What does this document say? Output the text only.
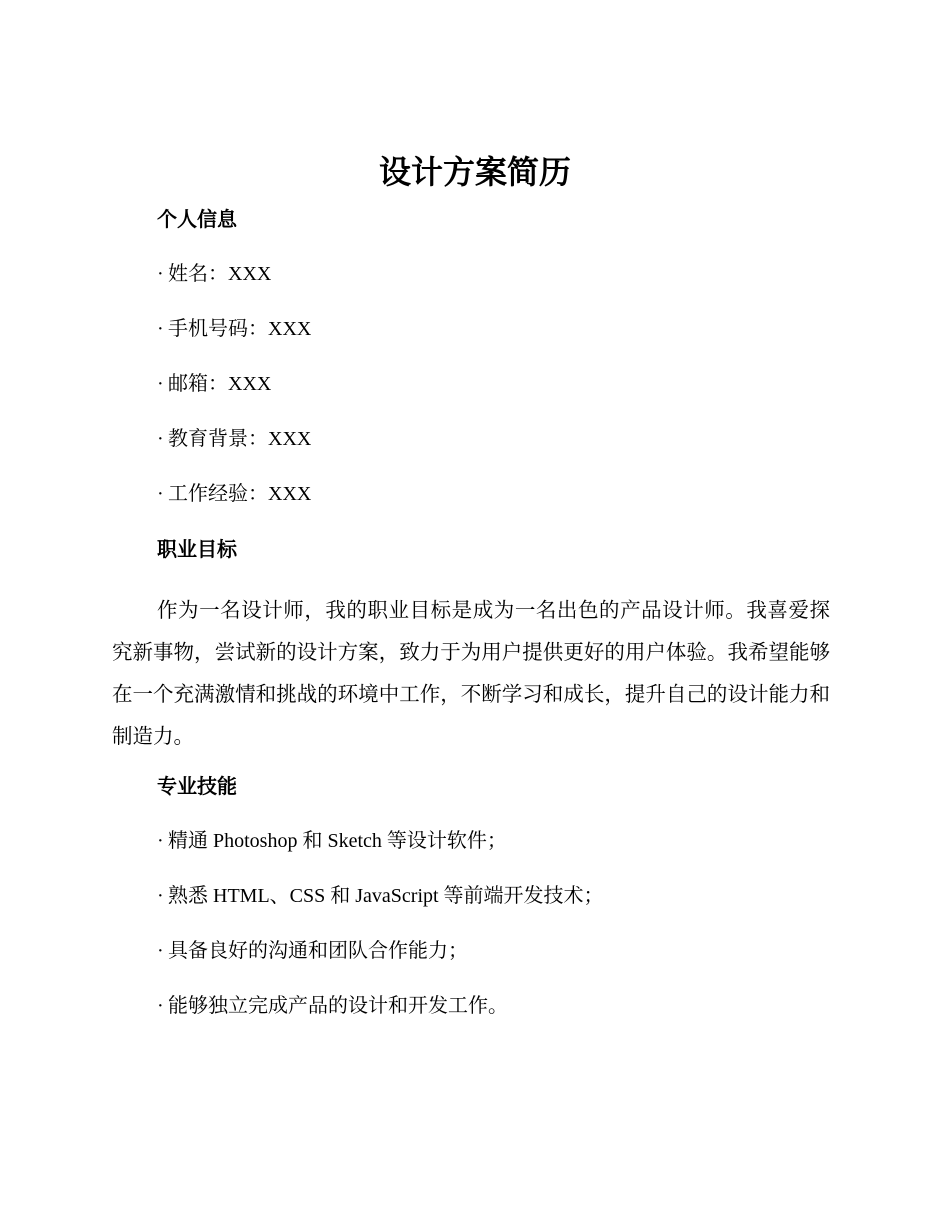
设计方案简历
个人信息
· 姓名：XXX
· 手机号码：XXX
· 邮箱：XXX
· 教育背景：XXX
· 工作经验：XXX
职业目标
作为一名设计师，我的职业目标是成为一名出色的产品设计师。我喜爱探究新事物，尝试新的设计方案，致力于为用户提供更好的用户体验。我希望能够在一个充满激情和挑战的环境中工作，不断学习和成长，提升自己的设计能力和制造力。
专业技能
· 精通 Photoshop 和 Sketch 等设计软件；
· 熟悉 HTML、CSS 和 JavaScript 等前端开发技术；
· 具备良好的沟通和团队合作能力；
· 能够独立完成产品的设计和开发工作。
